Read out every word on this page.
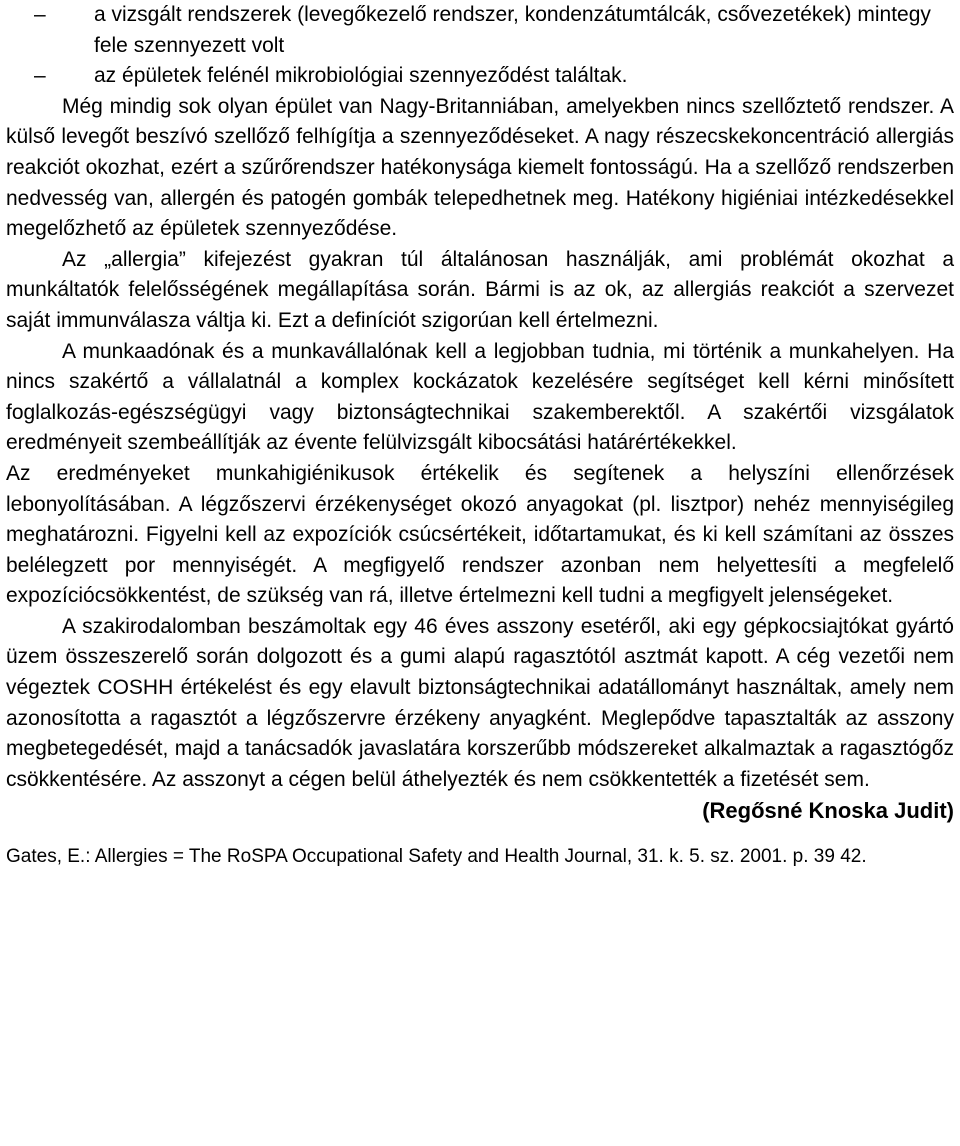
– a vizsgált rendszerek (levegőkezelő rendszer, kondenzátumtálcák, csővezetékek) mintegy fele szennyezett volt
– az épületek felénél mikrobiológiai szennyeződést találtak.

Még mindig sok olyan épület van Nagy-Britanniában, amelyekben nincs szellőztető rendszer. A külső levegőt beszívó szellőző felhígítja a szennyeződéseket. A nagy részecskekoncentráció allergiás reakciót okozhat, ezért a szűrőrendszer hatékonysága kiemelt fontosságú. Ha a szellőző rendszerben nedvesség van, allergén és patogén gombák telepedhetnek meg. Hatékony higiéniai intézkedésekkel megelőzhető az épületek szennyeződése.

Az „allergia” kifejezést gyakran túl általánosan használják, ami problémát okozhat a munkáltatók felelősségének megállapítása során. Bármi is az ok, az allergiás reakciót a szervezet saját immunválasza váltja ki. Ezt a definíciót szigorúan kell értelmezni.

A munkaadónak és a munkavállalónak kell a legjobban tudnia, mi történik a munkahelyen. Ha nincs szakértő a vállalatnál a komplex kockázatok kezelésére segítséget kell kérni minősített foglalkozás-egészségügyi vagy biztonságtechnikai szakemberektől. A szakértői vizsgálatok eredményeit szembeállítják az évente felülvizsgált kibocsátási határértékekkel.

Az eredményeket munkahigiénikusok értékelik és segítenek a helyszíni ellenőrzések lebonyolításában. A légzőszervi érzékenységet okozó anyagokat (pl. lisztpor) nehéz mennyiségileg meghatározni. Figyelni kell az expozíciók csúcsértékeit, időtartamukat, és ki kell számítani az összes belélegzett por mennyiségét. A megfigyelő rendszer azonban nem helyettesíti a megfelelő expozíciócsökkentést, de szükség van rá, illetve értelmezni kell tudni a megfigyelt jelenségeket.

A szakirodalomban beszámoltak egy 46 éves asszony esetéről, aki egy gépkocsiajtókat gyártó üzem összeszerelő során dolgozott és a gumi alapú ragasztótól asztmát kapott. A cég vezetői nem végeztek COSHH értékelést és egy elavult biztonságtechnikai adatállományt használtak, amely nem azonosította a ragasztót a légzőszervre érzékeny anyagként. Meglepődve tapasztalták az asszony megbetegedését, majd a tanácsadók javaslatára korszerűbb módszereket alkalmaztak a ragasztógőz csökkentésére. Az asszonyt a cégen belül áthelyezték és nem csökkentették a fizetését sem.

(Regősné Knoska Judit)

Gates, E.: Allergies = The RoSPA Occupational Safety and Health Journal, 31. k. 5. sz. 2001. p. 39 42.
